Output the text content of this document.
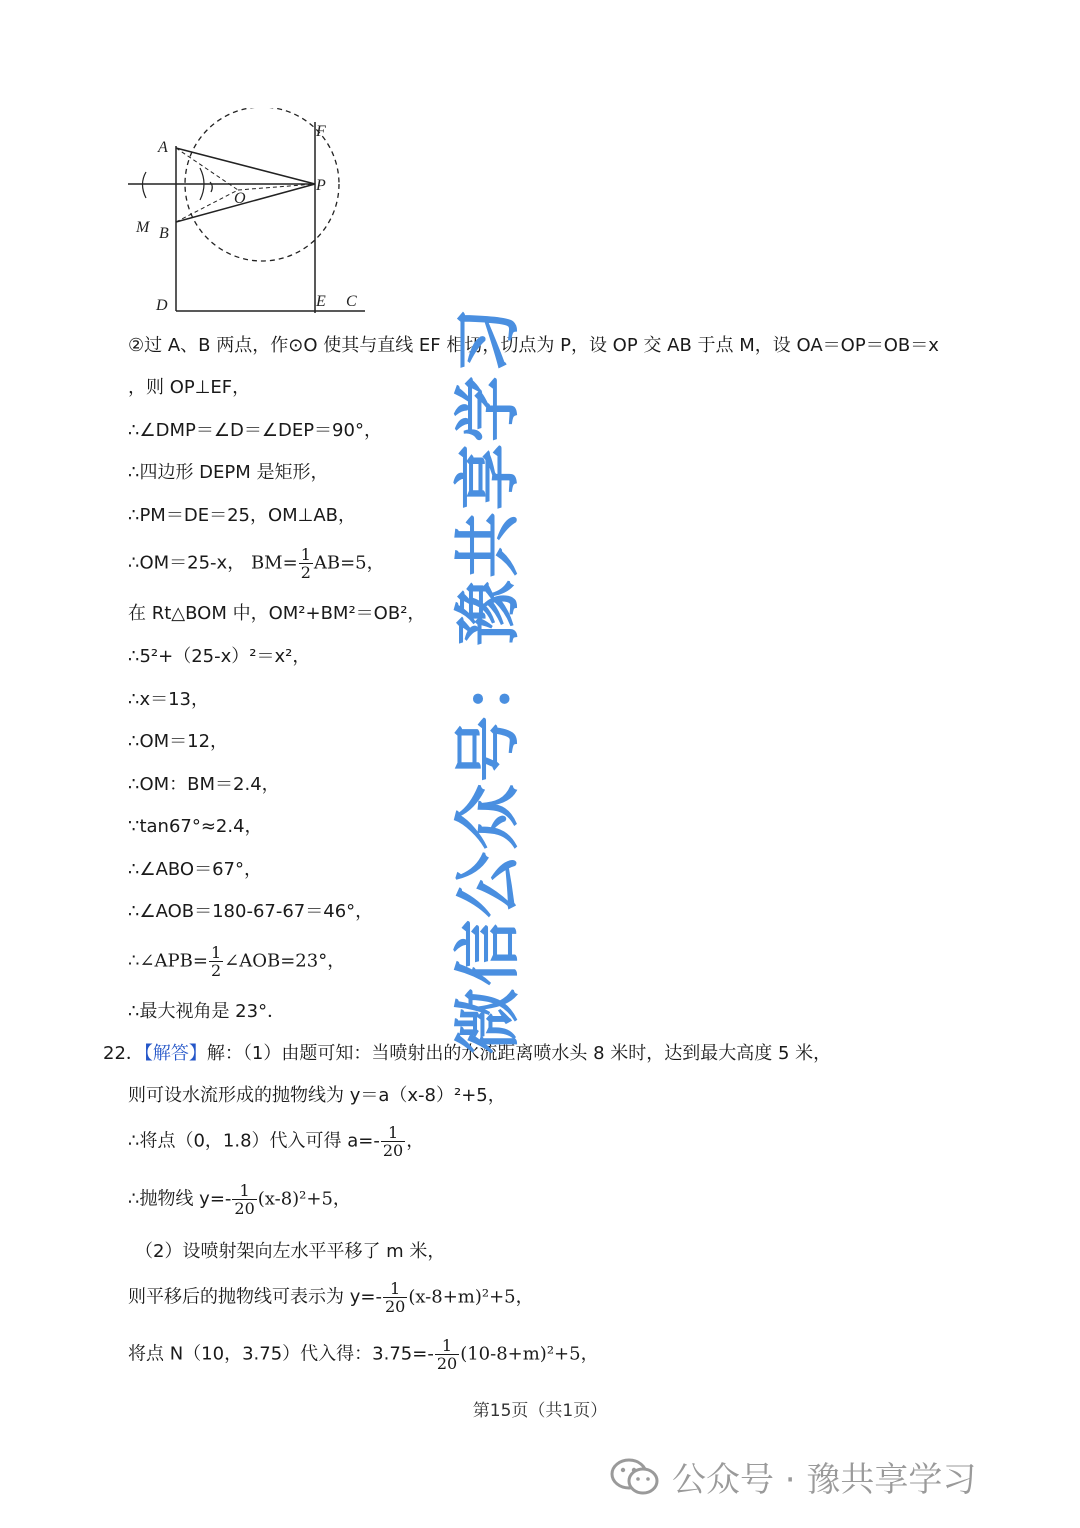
A
M B
O
P
F
D	E C
②过 A、B 两点，作⊙O 使其与直线 EF 相切，切点为 P，设 OP 交 AB 于点 M，设 OA＝OP＝OB＝x
，则 OP⊥EF，
∴∠DMP＝∠D＝∠DEP＝90°，
∴四边形 DEPM 是矩形，
∴PM＝DE＝25，OM⊥AB，
∴OM＝25-x， $BM= \frac{1}{2} AB=5$，
在 Rt△BOM 中，OM²+BM²＝OB²，
∴5²+（25-x）²＝x²，
∴x＝13，
∴OM＝12，
∴OM：BM＝2.4，
∵tan67°≈2.4，
∴∠ABO＝67°，
∴∠AOB＝180-67-67＝46°，
∴∠APB= $\frac{1}{2}$ ∠AOB=23°，
∴最大视角是 23°．
22．【解答】解：（1）由题可知：当喷射出的水流距离喷水头 8 米时，达到最大高度 5 米，
则可设水流形成的抛物线为 y＝a（x-8）²+5，
∴将点（0，1.8）代入可得 $a=- \frac{1}{20}$ ，
∴抛物线 $y=- \frac{1}{20} (x-8)^2+5$，
（2）设喷射架向左水平平移了 m 米，
则平移后的抛物线可表示为 $y=- \frac{1}{20} (x-8+m)^2+5$，
将点 N（10，3.75）代入得：$3.75=- \frac{1}{20} (10-8+m)^2+5$，
微信公众号：豫共享学习
第15页（共1页）
公众号 · 豫共享学习
